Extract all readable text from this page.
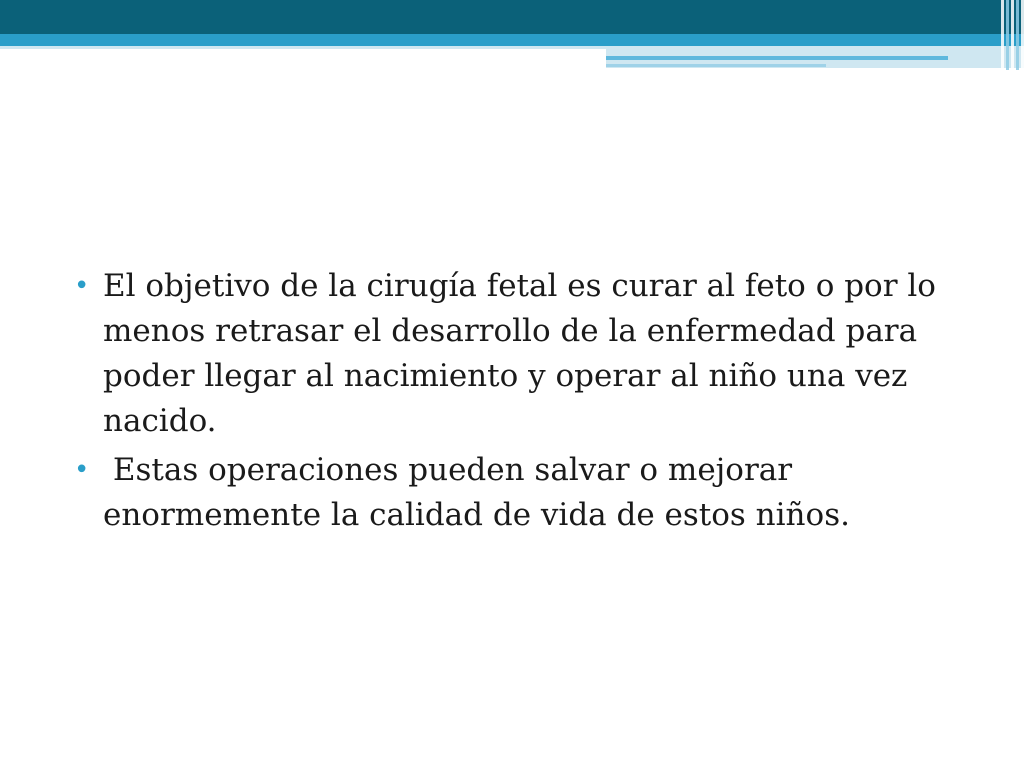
• El objetivo de la cirugía fetal es curar al feto o por lo menos retrasar el desarrollo de la enfermedad para poder llegar al nacimiento y operar al niño una vez nacido.
• Estas operaciones pueden salvar o mejorar enormemente la calidad de vida de estos niños.
